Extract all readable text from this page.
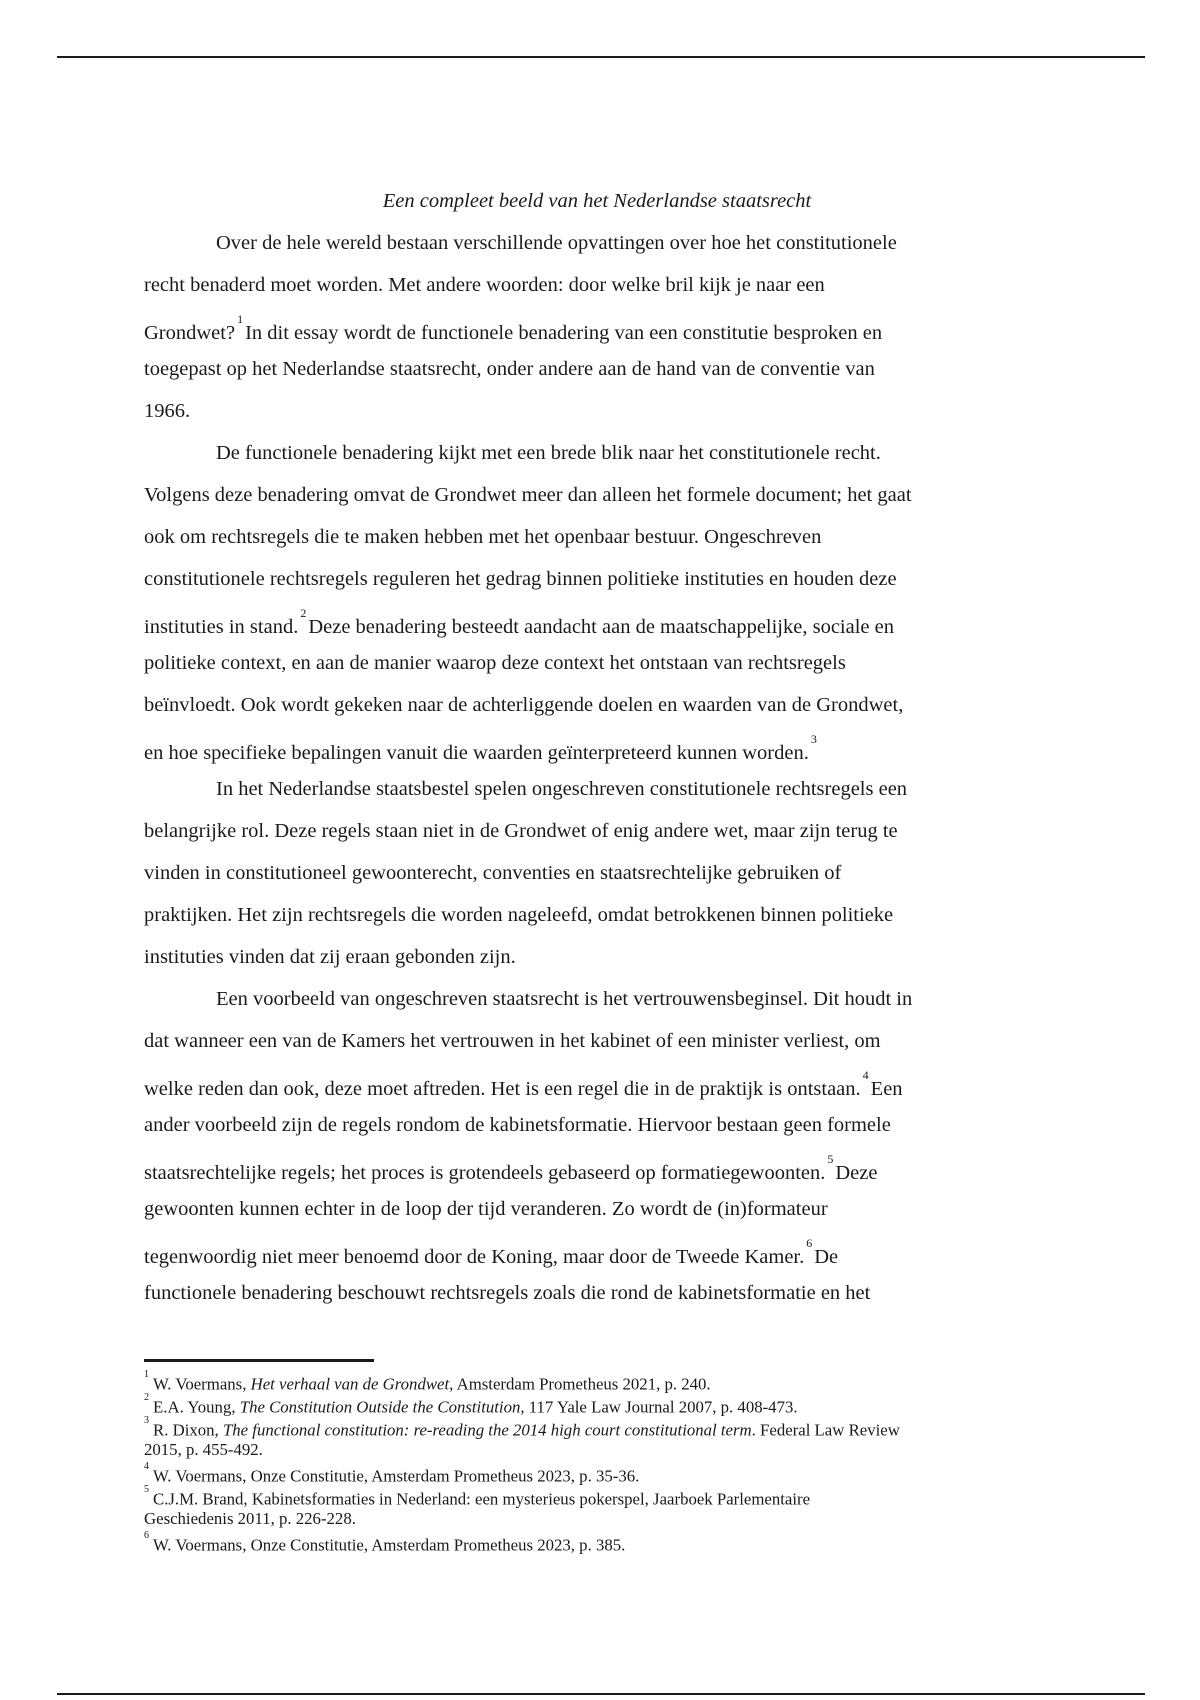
Een compleet beeld van het Nederlandse staatsrecht
Over de hele wereld bestaan verschillende opvattingen over hoe het constitutionele
recht benaderd moet worden. Met andere woorden: door welke bril kijk je naar een
Grondwet?$^1$In dit essay wordt de functionele benadering van een constitutie besproken en
toegepast op het Nederlandse staatsrecht, onder andere aan de hand van de conventie van
1966.
De functionele benadering kijkt met een brede blik naar het constitutionele recht.
Volgens deze benadering omvat de Grondwet meer dan alleen het formele document; het gaat
ook om rechtsregels die te maken hebben met het openbaar bestuur. Ongeschreven
constitutionele rechtsregels reguleren het gedrag binnen politieke instituties en houden deze
instituties in stand.$^2$Deze benadering besteedt aandacht aan de maatschappelijke, sociale en
politieke context, en aan de manier waarop deze context het ontstaan van rechtsregels
beïnvloedt. Ook wordt gekeken naar de achterliggende doelen en waarden van de Grondwet,
en hoe specifieke bepalingen vanuit die waarden geïnterpreteerd kunnen worden.$^3$
In het Nederlandse staatsbestel spelen ongeschreven constitutionele rechtsregels een
belangrijke rol. Deze regels staan niet in de Grondwet of enig andere wet, maar zijn terug te
vinden in constitutioneel gewoonterecht, conventies en staatsrechtelijke gebruiken of
praktijken. Het zijn rechtsregels die worden nageleefd, omdat betrokkenen binnen politieke
instituties vinden dat zij eraan gebonden zijn.
Een voorbeeld van ongeschreven staatsrecht is het vertrouwensbeginsel. Dit houdt in
dat wanneer een van de Kamers het vertrouwen in het kabinet of een minister verliest, om
welke reden dan ook, deze moet aftreden. Het is een regel die in de praktijk is ontstaan.$^4$Een
ander voorbeeld zijn de regels rondom de kabinetsformatie. Hiervoor bestaan geen formele
staatsrechtelijke regels; het proces is grotendeels gebaseerd op formatiegewoonten.$^5$Deze
gewoonten kunnen echter in de loop der tijd veranderen. Zo wordt de (in)formateur
tegenwoordig niet meer benoemd door de Koning, maar door de Tweede Kamer.$^6$De
functionele benadering beschouwt rechtsregels zoals die rond de kabinetsformatie en het
$^1$W. Voermans, Het verhaal van de Grondwet, Amsterdam Prometheus 2021, p. 240.
$^2$E.A. Young, The Constitution Outside the Constitution, 117 Yale Law Journal 2007, p. 408-473.
$^3$R. Dixon, The functional constitution: re-reading the 2014 high court constitutional term. Federal Law Review
2015, p. 455-492.
$^4$W. Voermans, Onze Constitutie, Amsterdam Prometheus 2023, p. 35-36.
$^5$C.J.M. Brand, Kabinetsformaties in Nederland: een mysterieus pokerspel, Jaarboek Parlementaire
Geschiedenis 2011, p. 226-228.
$^6$W. Voermans, Onze Constitutie, Amsterdam Prometheus 2023, p. 385.
